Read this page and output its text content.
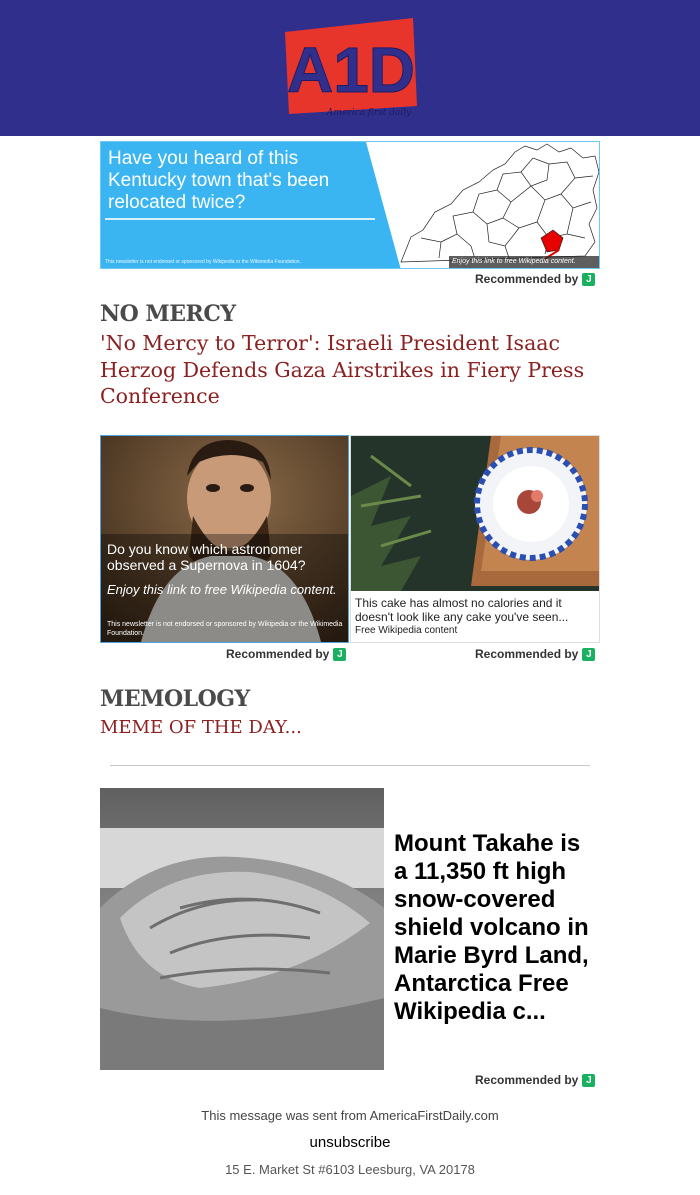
A1D
America first daily
Have you heard of this Kentucky town that's been relocated twice?
This newsletter is not endorsed or sponsored by Wikipedia or the Wikimedia Foundation.	Enjoy this link to free Wikipedia content.
Recommended by J
NO MERCY
'No Mercy to Terror': Israeli President Isaac Herzog Defends Gaza Airstrikes in Fiery Press Conference
Do you know which astronomer observed a Supernova in 1604?
Enjoy this link to free Wikipedia content.
This newsletter is not endorsed or sponsored by Wikipedia or the Wikimedia Foundation.
Recommended by J
This cake has almost no calories and it doesn't look like any cake you've seen...
Free Wikipedia content
Recommended by J
MEMOLOGY
MEME OF THE DAY...
Mount Takahe is a 11,350 ft high snow-covered shield volcano in Marie Byrd Land, Antarctica Free Wikipedia c...
Recommended by J
This message was sent from AmericaFirstDaily.com
unsubscribe
15 E. Market St #6103 Leesburg, VA 20178
